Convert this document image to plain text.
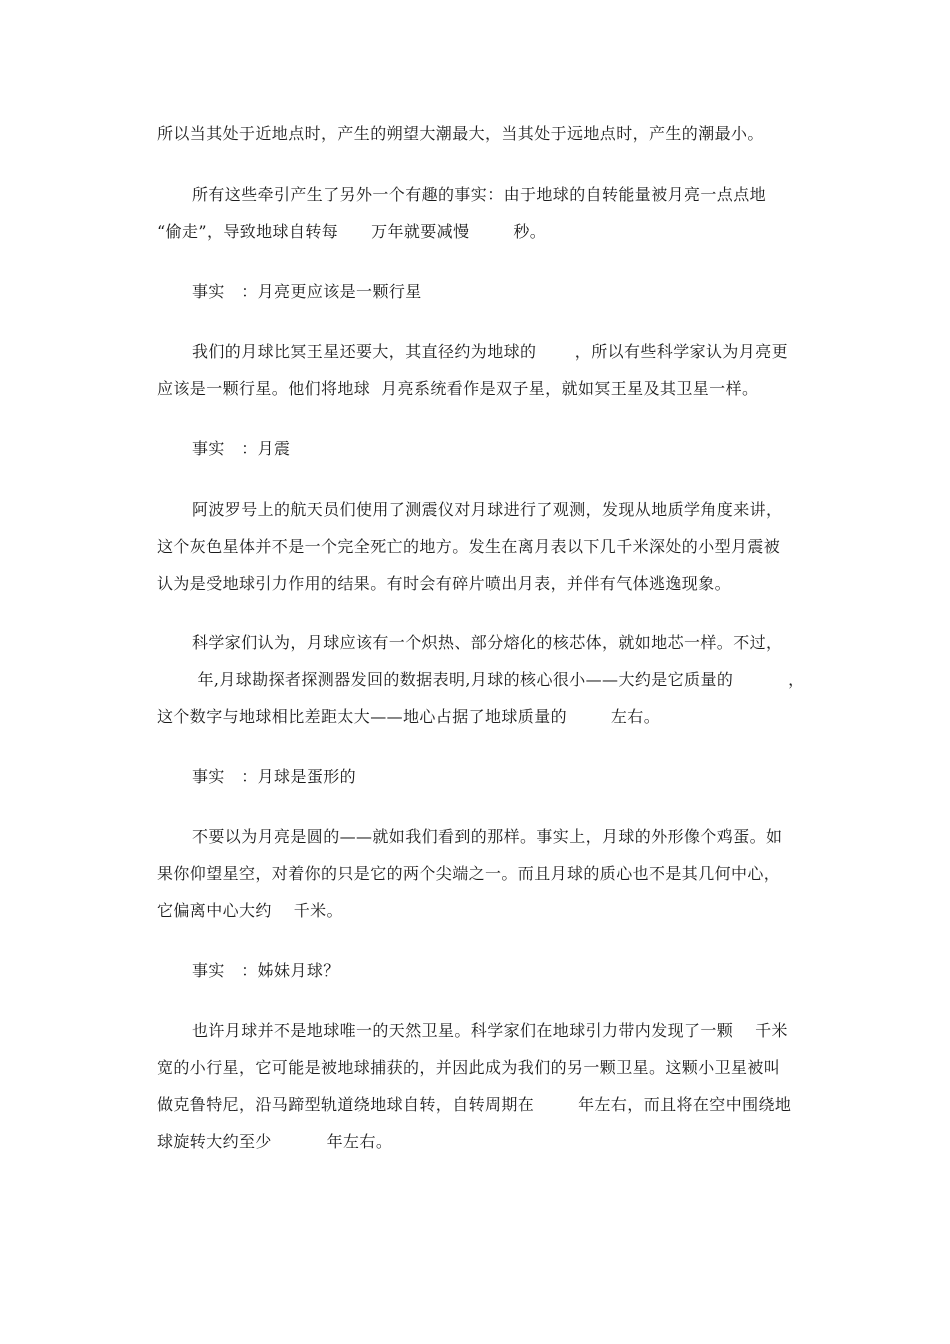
所以当其处于近地点时，产生的朔望大潮最大，当其处于远地点时，产生的潮最小。
所有这些牵引产生了另外一个有趣的事实：由于地球的自转能量被月亮一点点地
“偷走”，导致地球自转每      万年就要减慢        秒。
事实   ：月亮更应该是一颗行星
我们的月球比冥王星还要大，其直径约为地球的       ，所以有些科学家认为月亮更
应该是一颗行星。他们将地球  月亮系统看作是双子星，就如冥王星及其卫星一样。
事实   ：月震
阿波罗号上的航天员们使用了测震仪对月球进行了观测，发现从地质学角度来讲，
这个灰色星体并不是一个完全死亡的地方。发生在离月表以下几千米深处的小型月震被
认为是受地球引力作用的结果。有时会有碎片喷出月表，并伴有气体逃逸现象。
科学家们认为，月球应该有一个炽热、部分熔化的核芯体，就如地芯一样。不过，
年,月球勘探者探测器发回的数据表明,月球的核心很小——大约是它质量的          ，
这个数字与地球相比差距太大——地心占据了地球质量的        左右。
事实   ：月球是蛋形的
不要以为月亮是圆的——就如我们看到的那样。事实上，月球的外形像个鸡蛋。如
果你仰望星空，对着你的只是它的两个尖端之一。而且月球的质心也不是其几何中心，
它偏离中心大约    千米。
事实   ：姊妹月球？
也许月球并不是地球唯一的天然卫星。科学家们在地球引力带内发现了一颗    千米
宽的小行星，它可能是被地球捕获的，并因此成为我们的另一颗卫星。这颗小卫星被叫
做克鲁特尼，沿马蹄型轨道绕地球自转，自转周期在        年左右，而且将在空中围绕地
球旋转大约至少          年左右。
